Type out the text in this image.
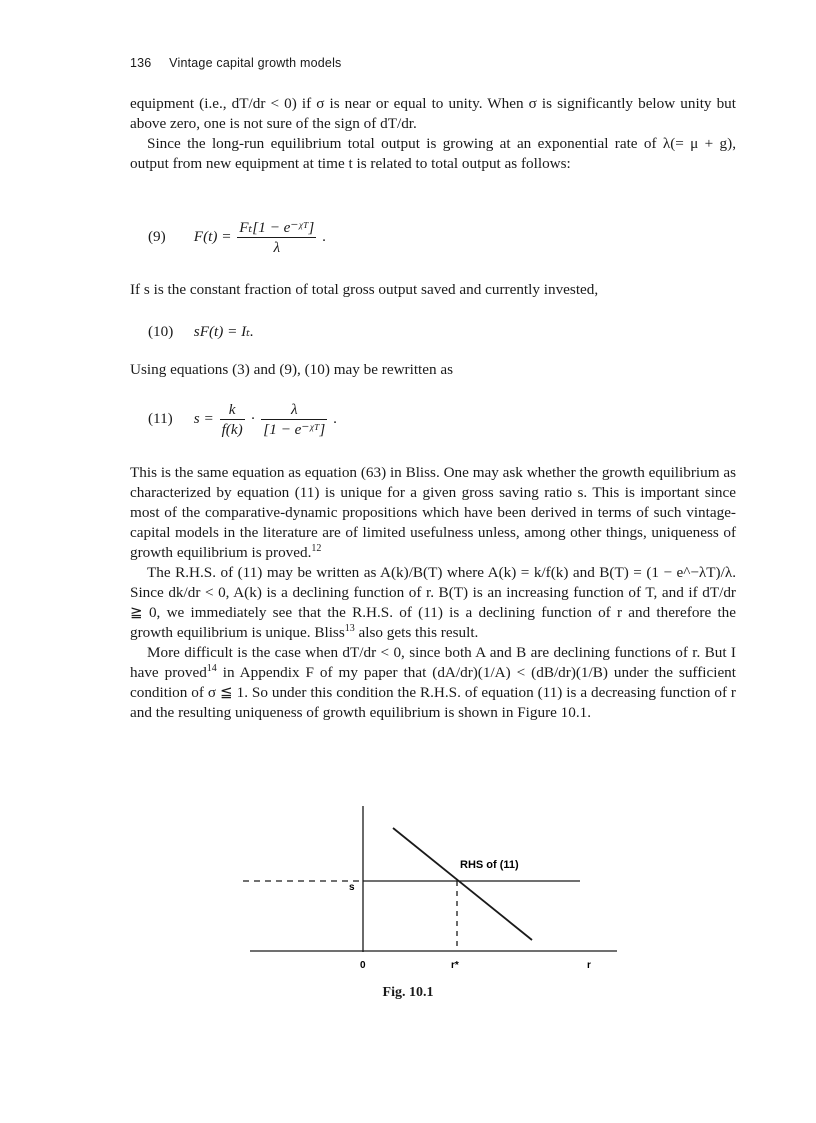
136 Vintage capital growth models

equipment (i.e., dT/dr < 0) if σ is near or equal to unity. When σ is significantly below unity but above zero, one is not sure of the sign of dT/dr.

Since the long-run equilibrium total output is growing at an exponential rate of λ(= μ + g), output from new equipment at time t is related to total output as follows:

(9) $F(t) = \frac{\text{Fₜ[1 − e⁻ᵡᵀ]}}{\lambda}$ .

If s is the constant fraction of total gross output saved and currently invested,

(10) sF(t) = Iₜ.

Using equations (3) and (9), (10) may be rewritten as

(11) $s = \frac{k}{f(k)} \cdot \frac{\lambda}{\text{[1 − e⁻ᵡᵀ]}}$ .

This is the same equation as equation (63) in Bliss. One may ask whether the growth equilibrium as characterized by equation (11) is unique for a given gross saving ratio s. This is important since most of the comparative-dynamic propositions which have been derived in terms of such vintage-capital models in the literature are of limited usefulness unless, among other things, uniqueness of growth equilibrium is proved.$^{12}$

The R.H.S. of (11) may be written as A(k)/B(T) where A(k) = k/f(k) and B(T) = (1 − e^−λT)/λ. Since dk/dr < 0, A(k) is a declining function of r. B(T) is an increasing function of T, and if dT/dr ≧ 0, we immediately see that the R.H.S. of (11) is a declining function of r and therefore the growth equilibrium is unique. Bliss$^{13}$ also gets this result.

More difficult is the case when dT/dr < 0, since both A and B are declining functions of r. But I have proved$^{14}$ in Appendix F of my paper that (dA/dr)(1/A) < (dB/dr)(1/B) under the sufficient condition of σ ≦ 1. So under this condition the R.H.S. of equation (11) is a decreasing function of r and the resulting uniqueness of growth equilibrium is shown in Figure 10.1.

RHS of (11)
s
0	r*	r
Fig. 10.1
